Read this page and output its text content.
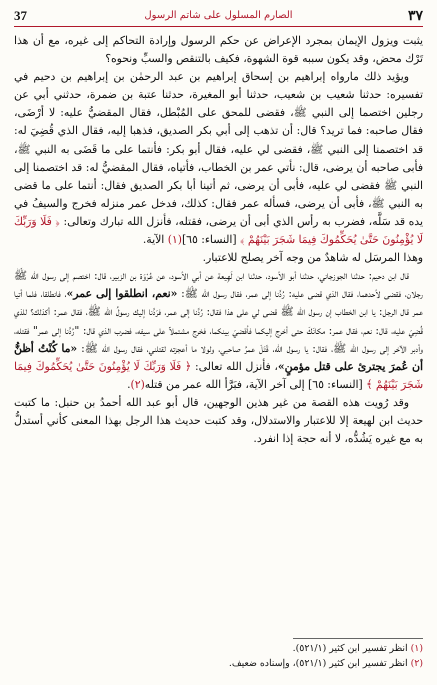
٣٧
الصارم المسلول على شاتم الرسول
37

يثبت ويزول الإيمان بمجرد الإعراض عن حكم الرسول وإرادة التحاكم إلى غيره، مع أن هذا تَرْك محض، وقد يكون سببه قوة الشهوة، فكيف بالتنقص والسبِّ ونحوه؟

ويؤيد ذلك مارواه إبراهيم بن إسحاق إبراهيم بن عبد الرحمٰن بن إبراهيم بن دحيم في تفسيره: حدثنا شعيب بن شعيب، حدثنا أبو المغيرة، حدثنا عتبة بن ضمرة، حدثني أبي عن رجلين اختصما إلى النبي ﷺ، فقضى للمحق على المُبْطل، فقال المقضيُّ عليه: لا أرْضَى، فقال صاحبه: فما تريد؟ قال: أن تذهب إلى أبي بكر الصديق، فذهبا إليه، فقال الذي قُضِيَ له: قد اختصمنا إلى النبي ﷺ، فقضى لي عليه، فقال أبو بكر: فأنتما على ما قَضَى به النبي ﷺ، فأبى صاحبه أن يرضى، قال: نأتي عمر بن الخطاب، فأتياه، فقال المقضيُّ له: قد اختصمنا إلى النبي ﷺ فقضى لي عليه، فأبى أن يرضى، ثم أتينا أبا بكر الصديق فقال: أنتما على ما قضى به النبي ﷺ، فأبى أن يرضى، فسأله عمر فقال: كذلك، فدخل عمر منزله فخرج والسيفُ في يده قد سَلَّه، فضرب به رأس الذي أبى أن يرضى، فقتله، فأنزل الله تبارك وتعالى: ﴿ فَلَا وَرَبِّكَ لَا يُؤْمِنُونَ حَتَّىٰ يُحَكِّمُوكَ فِيمَا شَجَرَ بَيْنَهُمْ ﴾ [النساء: ٦٥](١) الآية.

وهذا المرسَل له شاهدٌ من وجه آخر يصلح للاعتبار.

قال ابن دحيم: حدثنا الجوزجاني، حدثنا أبو الأسود، حدثنا ابن لَهِيعة عن أبي الأسود، عن عُرْوَة بن الزبير، قال: اختصم إلى رسول الله ﷺ رجلان، فقضى لأحدهما، فقال الذي قضى عليه: رُدَّنا إلى عمر، فقال رسول الله ﷺ: «نعم، انطلقوا إلى عمر»، فانطلقا، فلما أتيا عمر قال الرجل: يا ابن الخطاب إن رسول الله ﷺ قضى لي على هذا فقال: رُدَّنا إلى عمر، فرَدَّنا إليك رسولُ الله ﷺ، فقال عمر: أكذلك؟ للذي قُضِيَ عليه، قال: نعم، فقال عمر: مكانَكَ حتى أخرج إليكما فأقضيَ بينكما، فخرج مشتملاً على سيفه، فضرب الذي قال: "رُدَّنا إلى عمر" فقتله، وأدبر الآخر إلى رسول الله ﷺ، فقال: يا رسول الله، قَتَلَ عمرُ صاحبي، ولولا ما أعجزته لقتلني، فقال رسول الله ﷺ: «ما كُنْتُ أظنُّ أن عُمرَ يجترئ على قتل مؤمنٍ»، فأنزل الله تعالى: ﴿ فَلَا وَرَبِّكَ لَا يُؤْمِنُونَ حَتَّىٰ يُحَكِّمُوكَ فِيمَا شَجَرَ بَيْنَهُمْ ﴾ [النساء: ٦٥] إلى آخر الآية، فبَرَّأ الله عمر من قتله(٢).

وقد رُويت هذه القصة من غير هذين الوجهين، قال أبو عبد الله أحمدُ بن حنبل: ما كتبت حديث ابن لهيعة إلا للاعتبار والاستدلال، وقد كتبت حديث هذا الرجل بهذا المعنى كأني أستدلُّ به مع غيره يَشُدُّه، لا أنه حجة إذا انفرد.

(١) انظر تفسير ابن كثير (٥٢١/١).

(٢) انظر تفسير ابن كثير (٥٢١/١)، وإسناده ضعيف.
